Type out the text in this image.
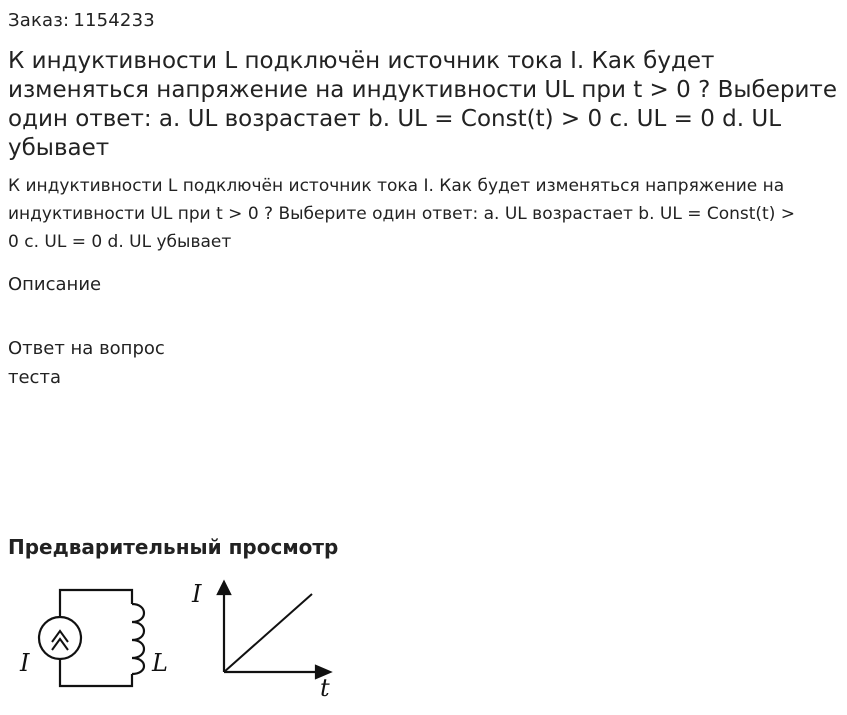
Заказ: 1154233
К индуктивности L подключён источник тока I. Как будет изменяться напряжение на индуктивности UL при t > 0 ? Выберите один ответ: a. UL возрастает b. UL = Const(t) > 0 c. UL = 0 d. UL убывает

К индуктивности L подключён источник тока I. Как будет изменяться напряжение на индуктивности UL при t > 0 ? Выберите один ответ: a. UL возрастает b. UL = Const(t) > 0 c. UL = 0 d. UL убывает

Описание

Ответ на вопрос теста

Предварительный просмотр
I	L
I
t
